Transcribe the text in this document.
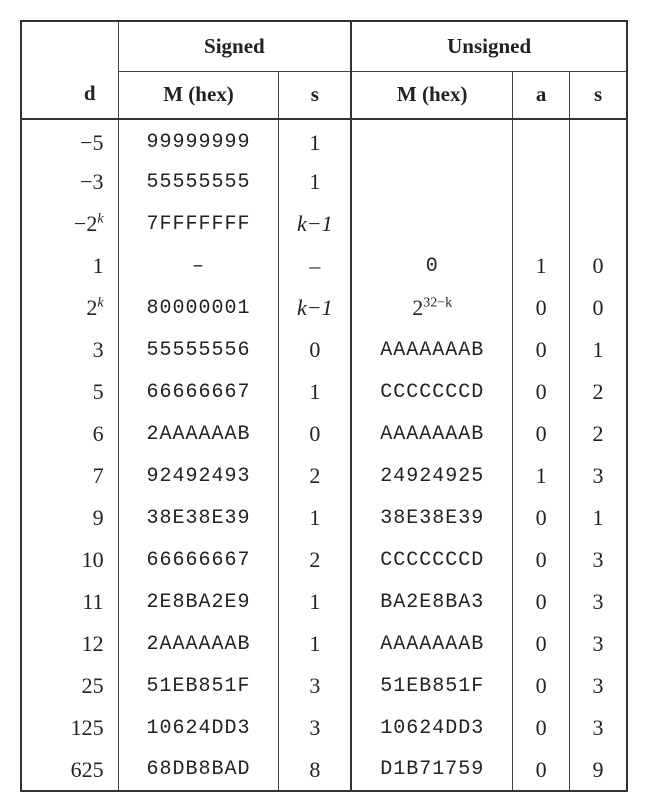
d	Signed		Unsigned		
	M (hex)	s	M (hex)	a	s
−5	99999999	1			
−3	55555555	1			
$-2^k$	7FFFFFFF	k−1			
1	–	–	0	1	0
2$^k$	80000001	k−1	$2^{32-k}$	0	0
3	55555556	0	AAAAAAAB	0	1
5	66666667	1	CCCCCCCD	0	2
6	2AAAAAAB	0	AAAAAAAB	0	2
7	92492493	2	24924925	1	3
9	38E38E39	1	38E38E39	0	1
10	66666667	2	CCCCCCCD	0	3
11	2E8BA2E9	1	BA2E8BA3	0	3
12	2AAAAAAB	1	AAAAAAAB	0	3
25	51EB851F	3	51EB851F	0	3
125	10624DD3	3	10624DD3	0	3
625	68DB8BAD	8	D1B71759	0	9
